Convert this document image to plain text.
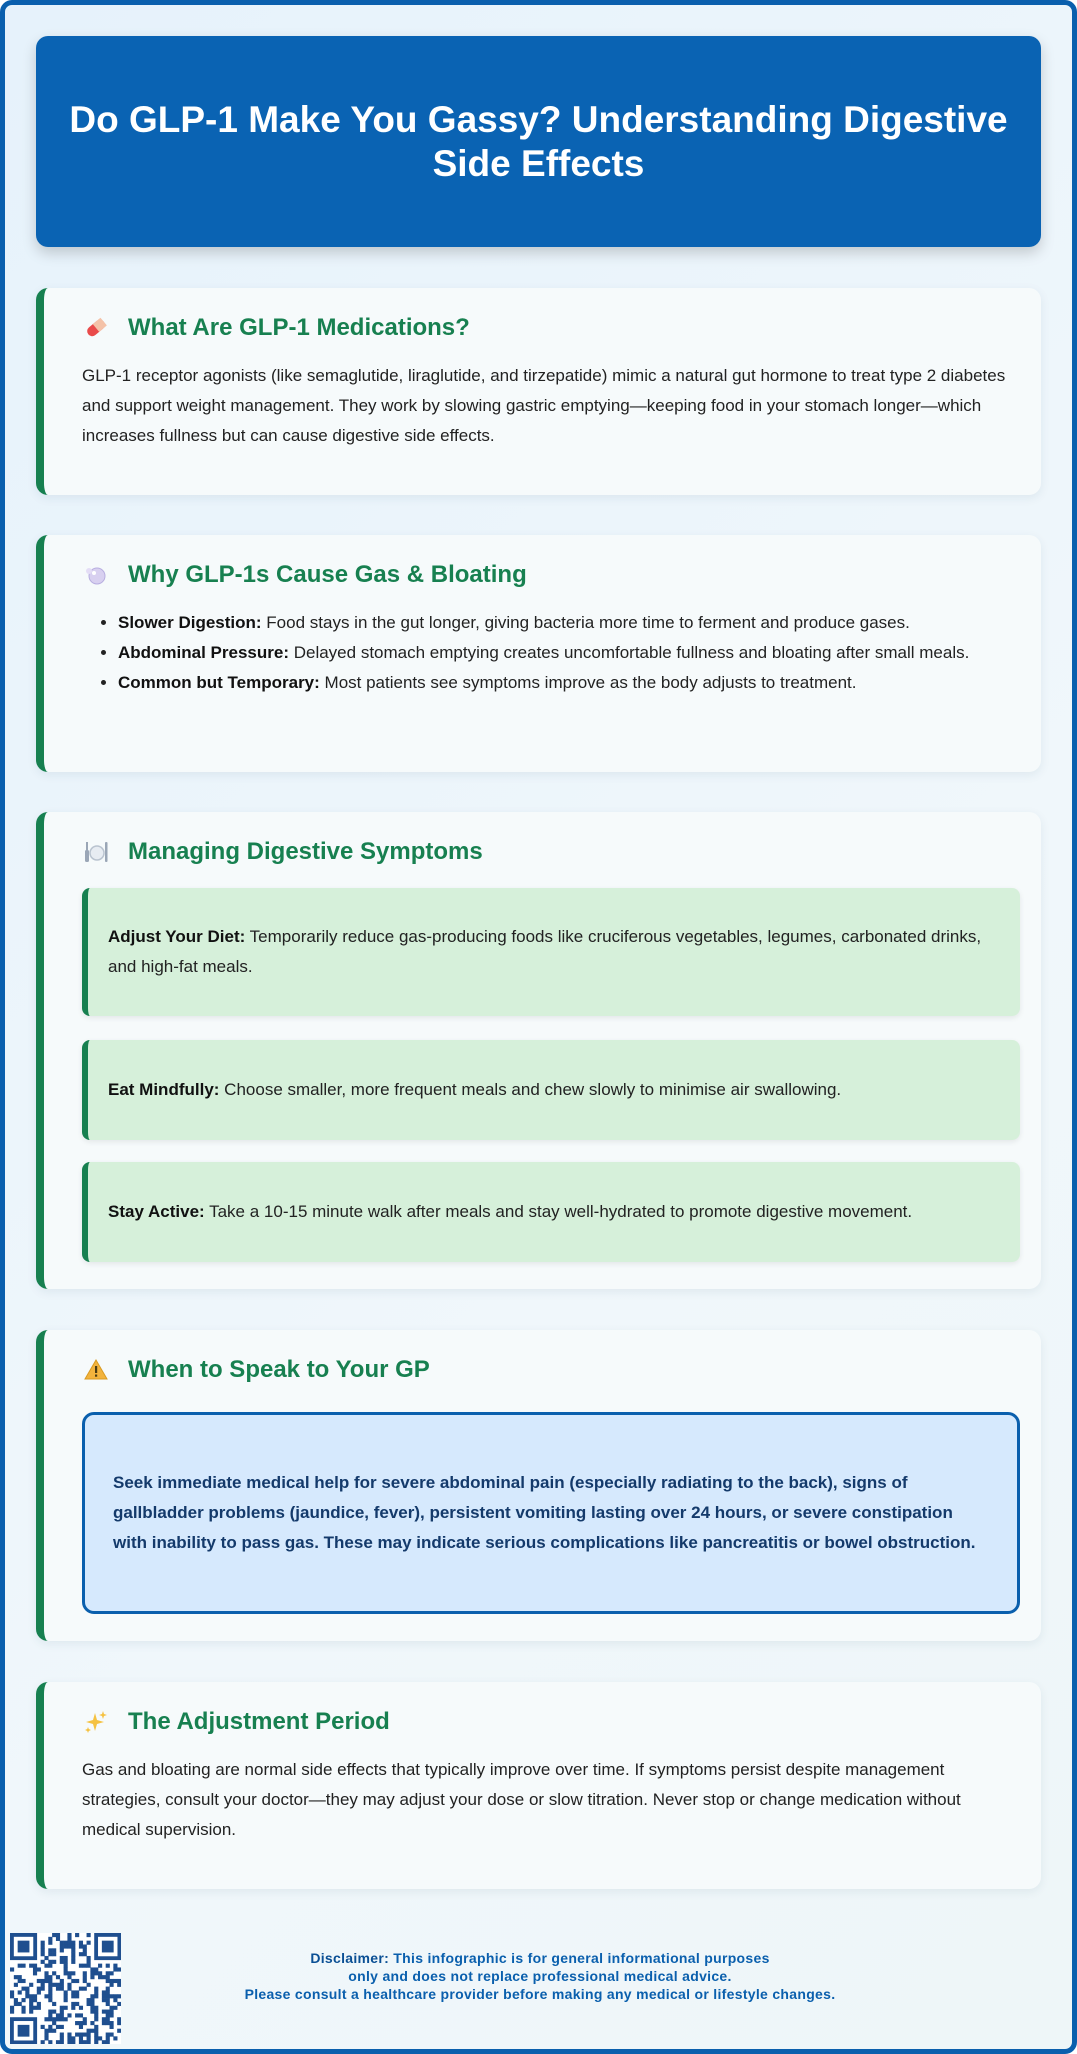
Do GLP-1 Make You Gassy? Understanding Digestive Side Effects
What Are GLP-1 Medications?

GLP-1 receptor agonists (like semaglutide, liraglutide, and tirzepatide) mimic a natural gut hormone to treat type 2 diabetes and support weight management. They work by slowing gastric emptying—keeping food in your stomach longer—which increases fullness but can cause digestive side effects.

Why GLP-1s Cause Gas & Bloating
• Slower Digestion: Food stays in the gut longer, giving bacteria more time to ferment and produce gases.
• Abdominal Pressure: Delayed stomach emptying creates uncomfortable fullness and bloating after small meals.
• Common but Temporary: Most patients see symptoms improve as the body adjusts to treatment.
Managing Digestive Symptoms
Adjust Your Diet: Temporarily reduce gas-producing foods like cruciferous vegetables, legumes, carbonated drinks, and high-fat meals.
Eat Mindfully: Choose smaller, more frequent meals and chew slowly to minimise air swallowing.
Stay Active: Take a 10-15 minute walk after meals and stay well-hydrated to promote digestive movement.
When to Speak to Your GP
Seek immediate medical help for severe abdominal pain (especially radiating to the back), signs of gallbladder problems (jaundice, fever), persistent vomiting lasting over 24 hours, or severe constipation with inability to pass gas. These may indicate serious complications like pancreatitis or bowel obstruction.
The Adjustment Period

Gas and bloating are normal side effects that typically improve over time. If symptoms persist despite management strategies, consult your doctor—they may adjust your dose or slow titration. Never stop or change medication without medical supervision.

Disclaimer: This infographic is for general informational purposes
only and does not replace professional medical advice.
Please consult a healthcare provider before making any medical or lifestyle changes.
